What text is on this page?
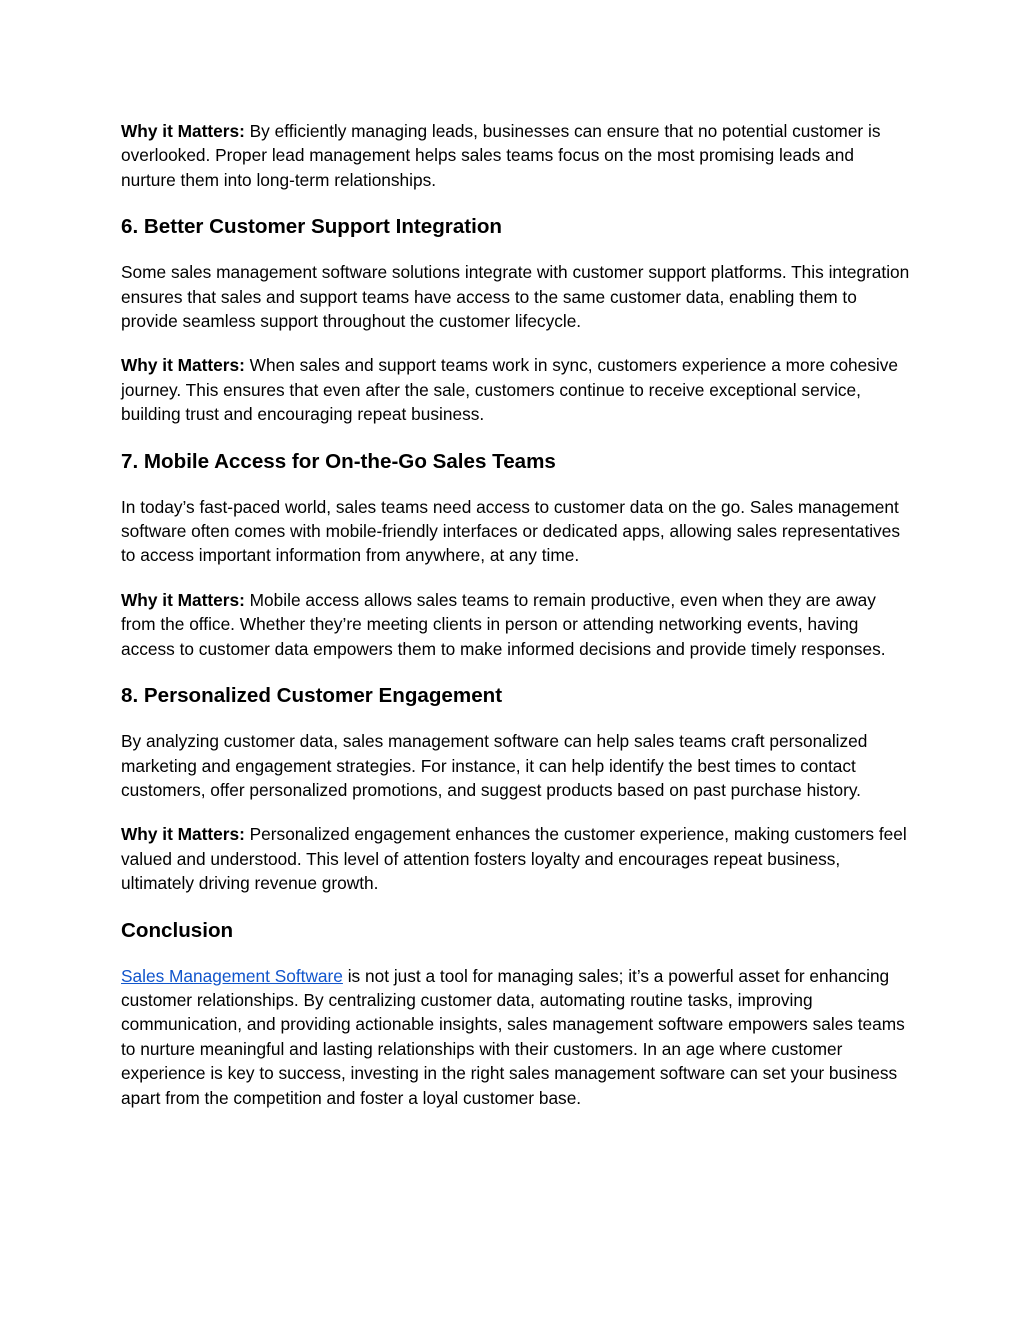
Why it Matters: By efficiently managing leads, businesses can ensure that no potential customer is overlooked. Proper lead management helps sales teams focus on the most promising leads and nurture them into long-term relationships.

6. Better Customer Support Integration

Some sales management software solutions integrate with customer support platforms. This integration ensures that sales and support teams have access to the same customer data, enabling them to provide seamless support throughout the customer lifecycle.

Why it Matters: When sales and support teams work in sync, customers experience a more cohesive journey. This ensures that even after the sale, customers continue to receive exceptional service, building trust and encouraging repeat business.

7. Mobile Access for On-the-Go Sales Teams

In today’s fast-paced world, sales teams need access to customer data on the go. Sales management software often comes with mobile-friendly interfaces or dedicated apps, allowing sales representatives to access important information from anywhere, at any time.

Why it Matters: Mobile access allows sales teams to remain productive, even when they are away from the office. Whether they’re meeting clients in person or attending networking events, having access to customer data empowers them to make informed decisions and provide timely responses.

8. Personalized Customer Engagement

By analyzing customer data, sales management software can help sales teams craft personalized marketing and engagement strategies. For instance, it can help identify the best times to contact customers, offer personalized promotions, and suggest products based on past purchase history.

Why it Matters: Personalized engagement enhances the customer experience, making customers feel valued and understood. This level of attention fosters loyalty and encourages repeat business, ultimately driving revenue growth.

Conclusion

Sales Management Software is not just a tool for managing sales; it’s a powerful asset for enhancing customer relationships. By centralizing customer data, automating routine tasks, improving communication, and providing actionable insights, sales management software empowers sales teams to nurture meaningful and lasting relationships with their customers. In an age where customer experience is key to success, investing in the right sales management software can set your business apart from the competition and foster a loyal customer base.
